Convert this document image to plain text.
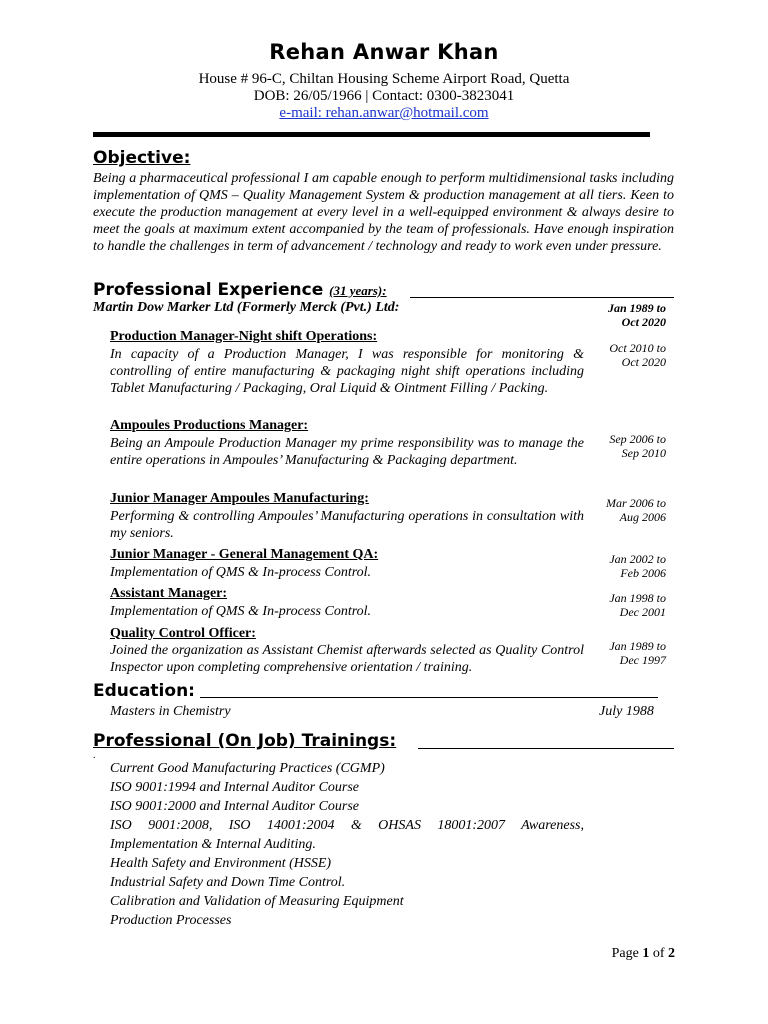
Rehan Anwar Khan
House # 96-C, Chiltan Housing Scheme Airport Road, Quetta
DOB: 26/05/1966 | Contact: 0300-3823041
e-mail: rehan.anwar@hotmail.com
Objective:
Being a pharmaceutical professional I am capable enough to perform multidimensional tasks including implementation of QMS – Quality Management System & production management at all tiers. Keen to execute the production management at every level in a well-equipped environment & always desire to meet the goals at maximum extent accompanied by the team of professionals. Have enough inspiration to handle the challenges in term of advancement / technology and ready to work even under pressure.
Professional Experience (31 years):
Martin Dow Marker Ltd (Formerly Merck (Pvt.) Ltd:	Jan 1989 to
Oct 2020
Production Manager-Night shift Operations:
In capacity of a Production Manager, I was responsible for monitoring & controlling of entire manufacturing & packaging night shift operations including Tablet Manufacturing / Packaging, Oral Liquid & Ointment Filling / Packing.
Oct 2010 to
Oct 2020
Ampoules Productions Manager:
Being an Ampoule Production Manager my prime responsibility was to manage the entire operations in Ampoules’ Manufacturing & Packaging department.
Sep 2006 to
Sep 2010
Junior Manager Ampoules Manufacturing:
Performing & controlling Ampoules’ Manufacturing operations in consultation with my seniors.
Mar 2006 to
Aug 2006
Junior Manager - General Management QA:
Implementation of QMS & In-process Control.
Jan 2002 to
Feb 2006
Assistant Manager:
Implementation of QMS & In-process Control.
Jan 1998 to
Dec 2001
Quality Control Officer:
Joined the organization as Assistant Chemist afterwards selected as Quality Control Inspector upon completing comprehensive orientation / training.
Jan 1989 to
Dec 1997
Education:
Masters in Chemistry	July 1988
Professional (On Job) Trainings:
.
Current Good Manufacturing Practices (CGMP)
ISO 9001:1994 and Internal Auditor Course
ISO 9001:2000 and Internal Auditor Course
ISO 9001:2008, ISO 14001:2004 & OHSAS 18001:2007 Awareness, Implementation & Internal Auditing.
Health Safety and Environment (HSSE)
Industrial Safety and Down Time Control.
Calibration and Validation of Measuring Equipment
Production Processes
Page 1 of 2
